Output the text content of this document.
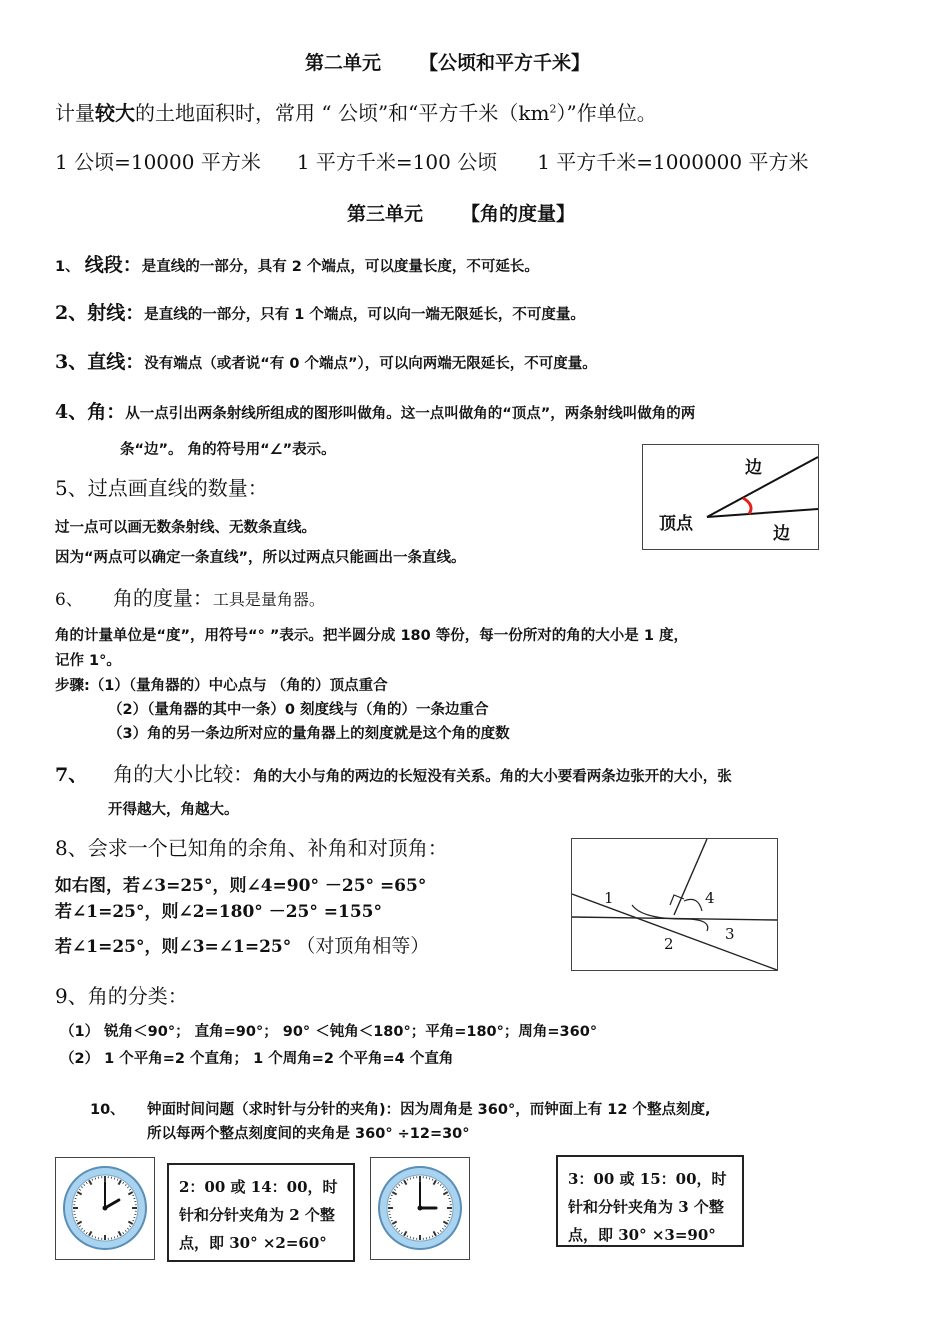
第二单元 【公顷和平方千米】
计量较大的土地面积时，常用 “ 公顷”和“平方千米$(km^2)$”作单位。
1 公顷=10000 平方米 1 平方千米=100 公顷 1 平方千米=1000000 平方米
第三单元 【角的度量】
1、 线段：是直线的一部分，具有 2 个端点，可以度量长度，不可延长。
2、射线：是直线的一部分，只有 1 个端点，可以向一端无限延长，不可度量。
3、直线：没有端点（或者说“有 0 个端点”），可以向两端无限延长，不可度量。
4、角：从一点引出两条射线所组成的图形叫做角。这一点叫做角的“顶点”，两条射线叫做角的两
条“边”。 角的符号用“∠”表示。
边
顶点	边
5、过点画直线的数量：
过一点可以画无数条射线、无数条直线。
因为“两点可以确定一条直线”，所以过两点只能画出一条直线。
6、 角的度量：工具是量角器。
角的计量单位是“度”，用符号“° ”表示。把半圆分成 180 等份，每一份所对的角的大小是 1 度，
记作 1°。
步骤:（1）（量角器的）中心点与 （角的）顶点重合
（2）（量角器的其中一条）0 刻度线与（角的）一条边重合
（3）角的另一条边所对应的量角器上的刻度就是这个角的度数
7、 角的大小比较：角的大小与角的两边的长短没有关系。角的大小要看两条边张开的大小，张
开得越大，角越大。
8、会求一个已知角的余角、补角和对顶角：
如右图，若∠3=25°，则∠4=90° －25° =65°
若∠1=25°，则∠2=180° －25° =155°
若∠1=25°，则∠3=∠1=25° （对顶角相等）
1
2
3
4
9、角的分类：
（1） 锐角＜90°； 直角=90°； 90° ＜钝角＜180°；平角=180°；周角=360°
（2） 1 个平角=2 个直角； 1 个周角=2 个平角=4 个直角
10、 钟面时间问题（求时针与分针的夹角)：因为周角是 360°，而钟面上有 12 个整点刻度,
所以每两个整点刻度间的夹角是 360° ÷12=30°
2：00 或 14：00，时针和分针夹角为 2 个整点，即 30° ×2=60°
3：00 或 15：00，时针和分针夹角为 3 个整点，即 30° ×3=90°
